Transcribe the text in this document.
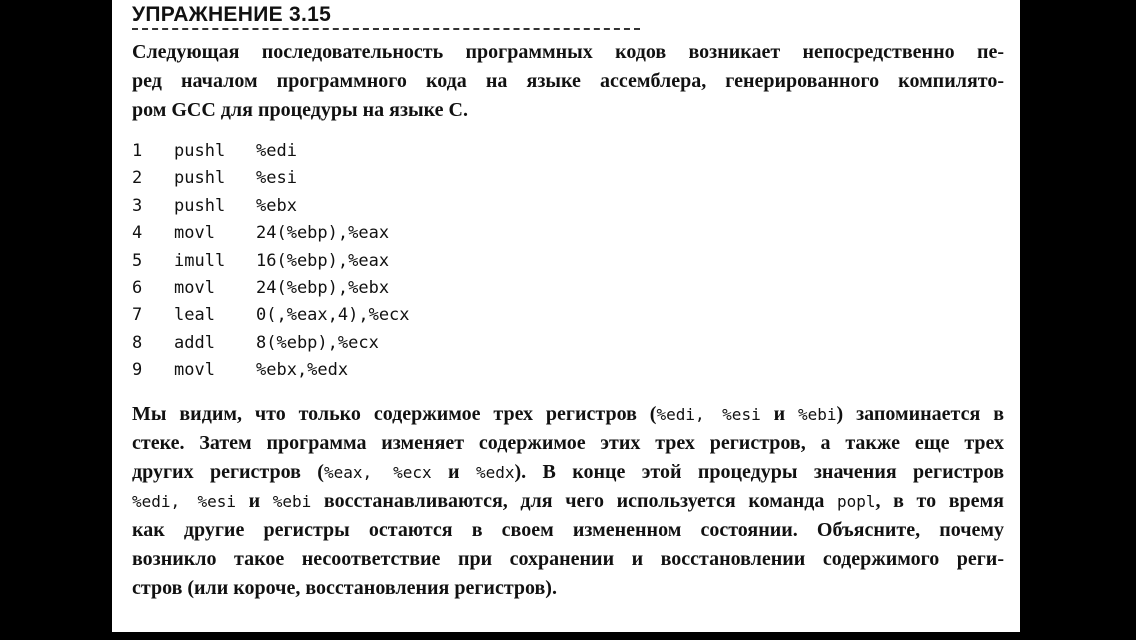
УПРАЖНЕНИЕ 3.15

Следующая последовательность программных кодов возникает непосредственно пе-
ред началом программного кода на языке ассемблера, генерированного компилято-
ром GCC для процедуры на языке С.

1	pushl	%edi
2	pushl	%esi
3	pushl	%ebx
4	movl	24(%ebp),%eax
5	imull	16(%ebp),%eax
6	movl	24(%ebp),%ebx
7	leal	0(,%eax,4),%ecx
8	addl	8(%ebp),%ecx
9	movl	%ebx,%edx

Мы видим, что только содержимое трех регистров (%edi, %esi и %ebi) запоминается в
стеке. Затем программа изменяет содержимое этих трех регистров, а также еще трех
других регистров (%eax, %ecx и %edx). В конце этой процедуры значения регистров
%edi, %esi и %ebi восстанавливаются, для чего используется команда popl, в то время
как другие регистры остаются в своем измененном состоянии. Объясните, почему
возникло такое несоответствие при сохранении и восстановлении содержимого реги-
стров (или короче, восстановления регистров).
